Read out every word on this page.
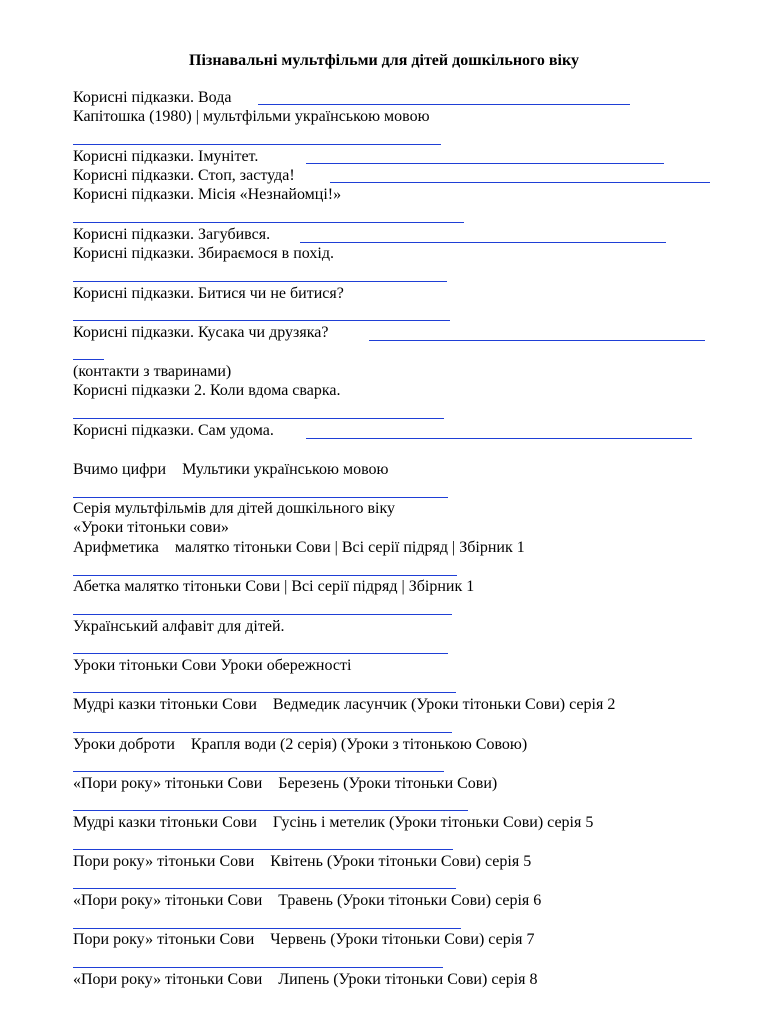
Пізнавальні мультфільми для дітей дошкільного віку
Корисні підказки. Вода
Капітошка (1980) | мультфільми українською мовою
Корисні підказки. Імунітет.
Корисні підказки. Стоп, застуда!
Корисні підказки. Місія «Незнайомці!»
Корисні підказки. Загубився.
Корисні підказки. Збираємося в похід.
Корисні підказки. Битися чи не битися?
Корисні підказки. Кусака чи друзяка?
(контакти з тваринами)
Корисні підказки 2. Коли вдома сварка.
Корисні підказки. Сам удома.
Вчимо цифри    Мультики українською мовою
Серія мультфільмів для дітей дошкільного віку
«Уроки тітоньки сови»
Арифметика    малятко тітоньки Сови | Всі серії підряд | Збірник 1
Абетка малятко тітоньки Сови | Всі серії підряд | Збірник 1
Український алфавіт для дітей.
Уроки тітоньки Сови Уроки обережності
Мудрі казки тітоньки Сови    Ведмедик ласунчик (Уроки тітоньки Сови) серія 2
Уроки доброти    Крапля води (2 серія) (Уроки з тітонькою Совою)
«Пори року» тітоньки Сови    Березень (Уроки тітоньки Сови)
Мудрі казки тітоньки Сови    Гусінь і метелик (Уроки тітоньки Сови) серія 5
Пори року» тітоньки Сови    Квітень (Уроки тітоньки Сови) серія 5
«Пори року» тітоньки Сови    Травень (Уроки тітоньки Сови) серія 6
Пори року» тітоньки Сови    Червень (Уроки тітоньки Сови) серія 7
«Пори року» тітоньки Сови    Липень (Уроки тітоньки Сови) серія 8
